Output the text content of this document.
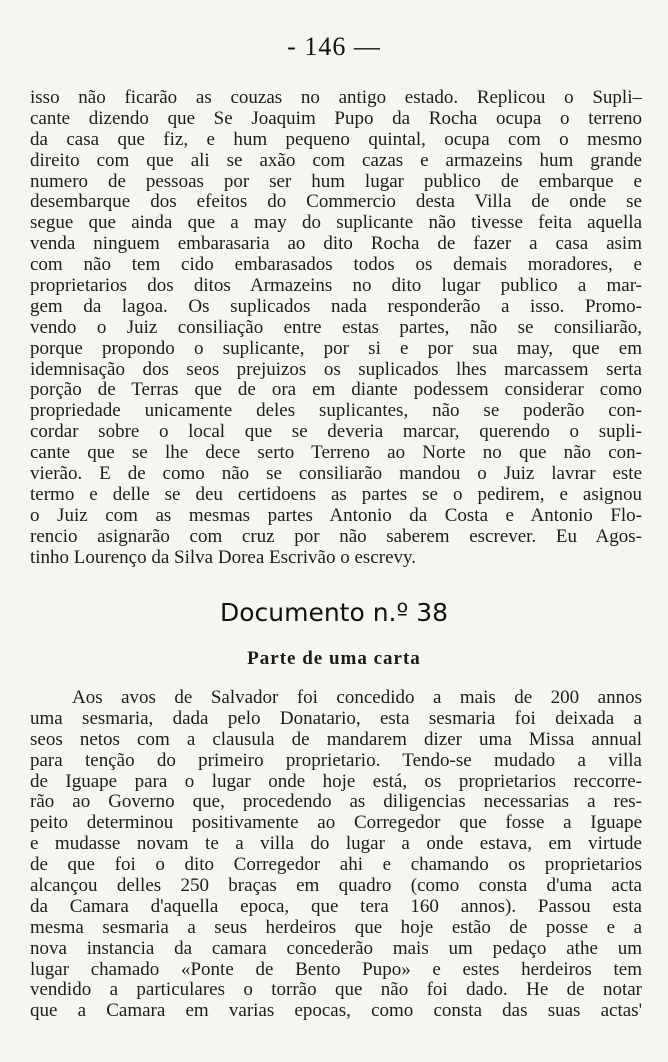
- 146 —
isso não ficarão as couzas no antigo estado. Replicou o Supli–
cante dizendo que Se Joaquim Pupo da Rocha ocupa o terreno
da casa que fiz, e hum pequeno quintal, ocupa com o mesmo
direito com que ali se axão com cazas e armazeins hum grande
numero de pessoas por ser hum lugar publico de embarque e
desembarque dos efeitos do Commercio desta Villa de onde se
segue que ainda que a may do suplicante não tivesse feita aquella
venda ninguem embarasaria ao dito Rocha de fazer a casa asim
com não tem cido embarasados todos os demais moradores, e
proprietarios dos ditos Armazeins no dito lugar publico a mar-
gem da lagoa. Os suplicados nada responderão a isso. Promo-
vendo o Juiz consiliação entre estas partes, não se consiliarão,
porque propondo o suplicante, por si e por sua may, que em
idemnisação dos seos prejuizos os suplicados lhes marcassem serta
porção de Terras que de ora em diante podessem considerar como
propriedade unicamente deles suplicantes, não se poderão con-
cordar sobre o local que se deveria marcar, querendo o supli-
cante que se lhe dece serto Terreno ao Norte no que não con-
vierão. E de como não se consiliarão mandou o Juiz lavrar este
termo e delle se deu certidoens as partes se o pedirem, e asignou
o Juiz com as mesmas partes Antonio da Costa e Antonio Flo-
rencio asignarão com cruz por não saberem escrever. Eu Agos-
tinho Lourenço da Silva Dorea Escrivão o escrevy.
Documento n.º 38
Parte de uma carta
Aos avos de Salvador foi concedido a mais de 200 annos
uma sesmaria, dada pelo Donatario, esta sesmaria foi deixada a
seos netos com a clausula de mandarem dizer uma Missa annual
para tenção do primeiro proprietario. Tendo-se mudado a villa
de Iguape para o lugar onde hoje está, os proprietarios reccorre-
rão ao Governo que, procedendo as diligencias necessarias a res-
peito determinou positivamente ao Corregedor que fosse a Iguape
e mudasse novam te a villa do lugar a onde estava, em virtude
de que foi o dito Corregedor ahi e chamando os proprietarios
alcançou delles 250 braças em quadro (como consta d'uma acta
da Camara d'aquella epoca, que tera 160 annos). Passou esta
mesma sesmaria a seus herdeiros que hoje estão de posse e a
nova instancia da camara concederão mais um pedaço athe um
lugar chamado «Ponte de Bento Pupo» e estes herdeiros tem
vendido a particulares o torrão que não foi dado. He de notar
que a Camara em varias epocas, como consta das suas actas'
